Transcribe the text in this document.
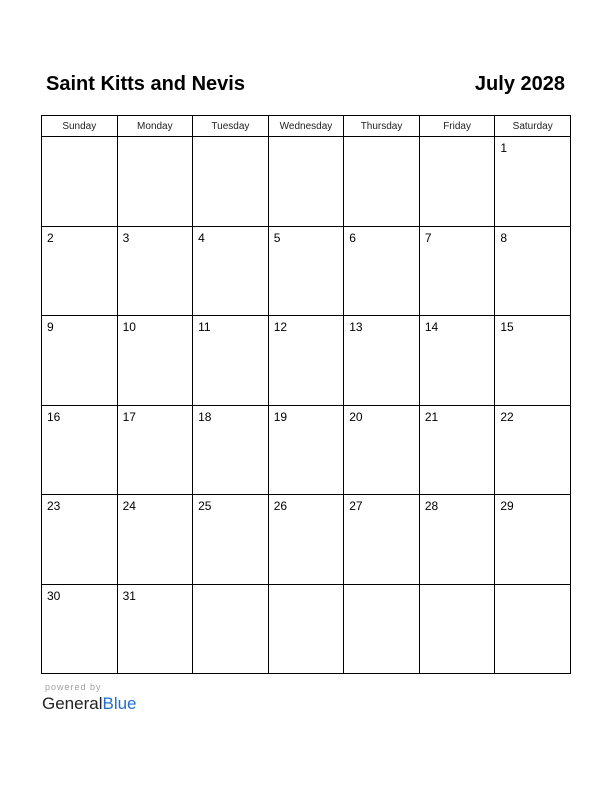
Saint Kitts and Nevis	July 2028
Sunday	Monday	Tuesday	Wednesday	Thursday	Friday	Saturday

						1

2	3	4	5	6	7	8

9	10	11	12	13	14	15

16	17	18	19	20	21	22

23	24	25	26	27	28	29

30	31					

powered by
GeneralBlue
